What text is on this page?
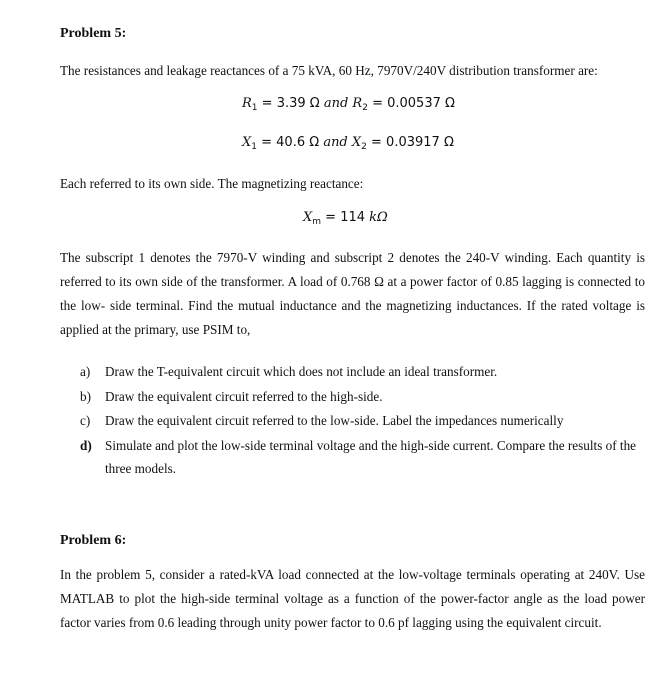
Problem 5:
The resistances and leakage reactances of a 75 kVA, 60 Hz, 7970V/240V distribution transformer are:
$R_1 = 3.39$ Ω and $R_2 = 0.00537$ Ω
$X_1 = 40.6$ Ω and $X_2 = 0.03917$ Ω
Each referred to its own side. The magnetizing reactance:
$X_m = 114$ kΩ
The subscript 1 denotes the 7970-V winding and subscript 2 denotes the 240-V winding. Each quantity is referred to its own side of the transformer. A load of 0.768 Ω at a power factor of 0.85 lagging is connected to the low- side terminal. Find the mutual inductance and the magnetizing inductances. If the rated voltage is applied at the primary, use PSIM to,
a) Draw the T-equivalent circuit which does not include an ideal transformer.
b) Draw the equivalent circuit referred to the high-side.
c) Draw the equivalent circuit referred to the low-side. Label the impedances numerically
d) Simulate and plot the low-side terminal voltage and the high-side current. Compare the results of the three models.
Problem 6:
In the problem 5, consider a rated-kVA load connected at the low-voltage terminals operating at 240V. Use MATLAB to plot the high-side terminal voltage as a function of the power-factor angle as the load power factor varies from 0.6 leading through unity power factor to 0.6 pf lagging using the equivalent circuit.
